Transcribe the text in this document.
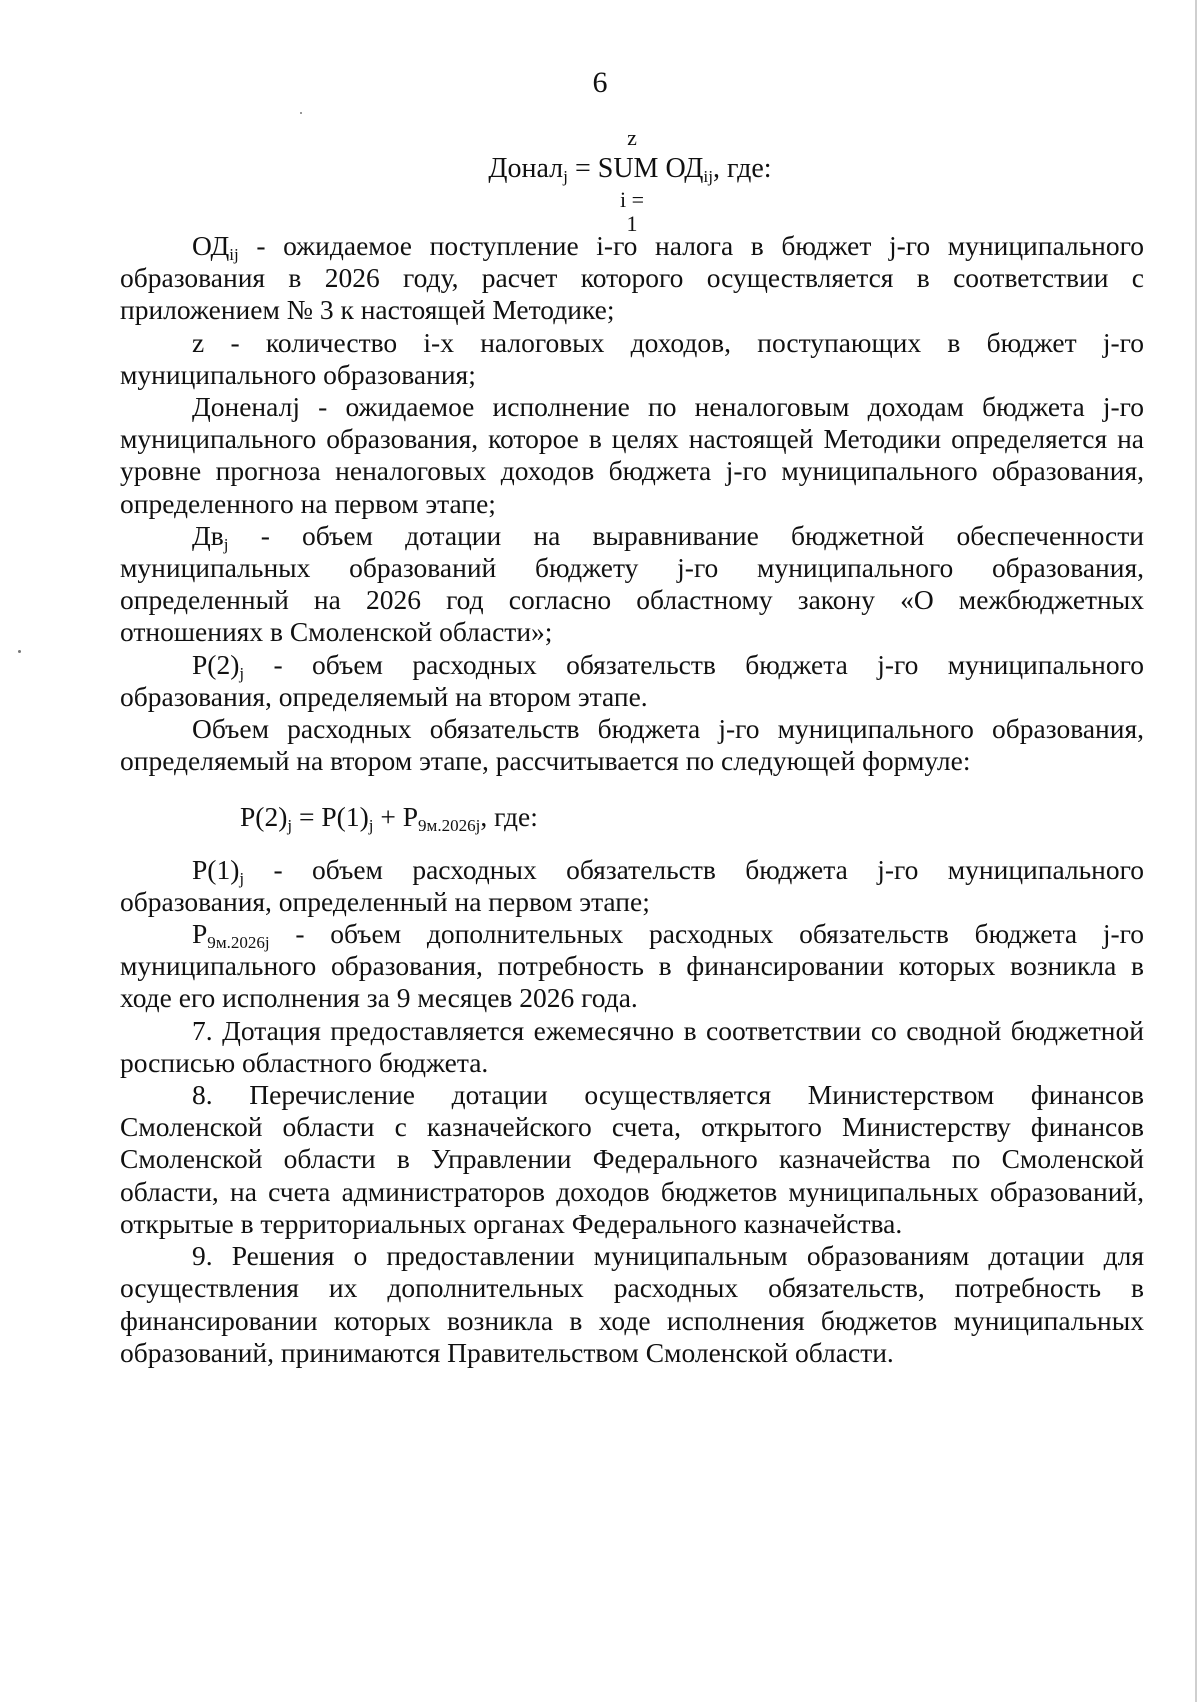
6
z
Донал$_j$ = SUM $ОД_{ij}$, где:
i = 1

$ОД_{ij}$ - ожидаемое поступление i-го налога в бюджет j-го муниципального образования в 2026 году, расчет которого осуществляется в соответствии с приложением № 3 к настоящей Методике;

z - количество i-х налоговых доходов, поступающих в бюджет j-го муниципального образования;

Доненалj - ожидаемое исполнение по неналоговым доходам бюджета j-го муниципального образования, которое в целях настоящей Методики определяется на уровне прогноза неналоговых доходов бюджета j-го муниципального образования, определенного на первом этапе;

$Дв_j$ - объем дотации на выравнивание бюджетной обеспеченности муниципальных образований бюджету j-го муниципального образования, определенный на 2026 год согласно областному закону «О межбюджетных отношениях в Смоленской области»;

$Р(2)_j$ - объем расходных обязательств бюджета j-го муниципального образования, определяемый на втором этапе.

Объем расходных обязательств бюджета j-го муниципального образования, определяемый на втором этапе, рассчитывается по следующей формуле:

$Р(2)_j = Р(1)_j + Р_{9м.2026j}$, где:

$Р(1)_j$ - объем расходных обязательств бюджета j-го муниципального образования, определенный на первом этапе;

$Р_{9м.2026j}$ - объем дополнительных расходных обязательств бюджета j-го муниципального образования, потребность в финансировании которых возникла в ходе его исполнения за 9 месяцев 2026 года.

7. Дотация предоставляется ежемесячно в соответствии со сводной бюджетной росписью областного бюджета.

8. Перечисление дотации осуществляется Министерством финансов Смоленской области с казначейского счета, открытого Министерству финансов Смоленской области в Управлении Федерального казначейства по Смоленской области, на счета администраторов доходов бюджетов муниципальных образований, открытые в территориальных органах Федерального казначейства.

9. Решения о предоставлении муниципальным образованиям дотации для осуществления их дополнительных расходных обязательств, потребность в финансировании которых возникла в ходе исполнения бюджетов муниципальных образований, принимаются Правительством Смоленской области.
